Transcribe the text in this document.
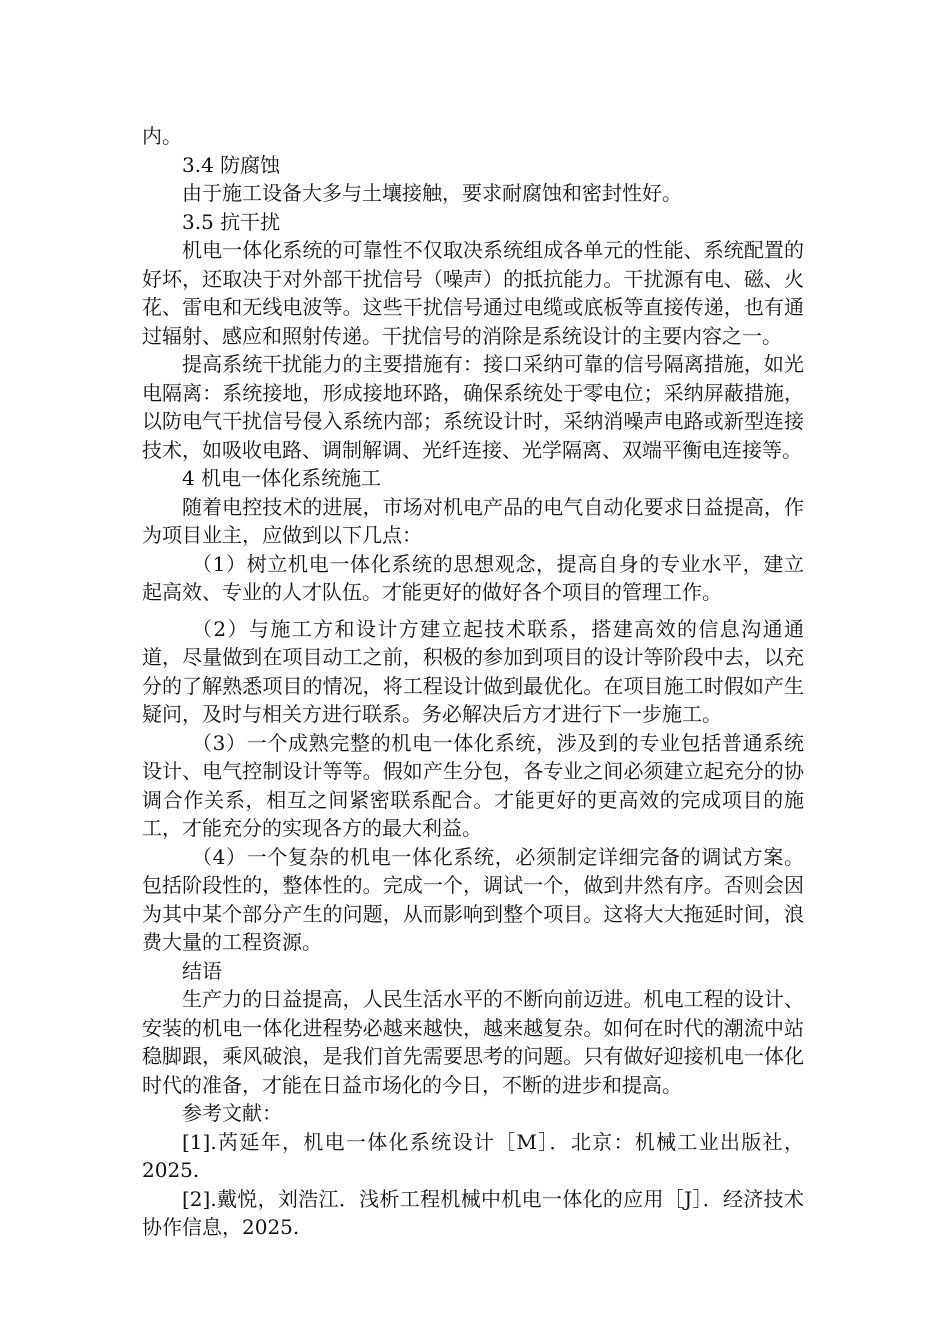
内。

3.4 防腐蚀

由于施工设备大多与土壤接触，要求耐腐蚀和密封性好。

3.5 抗干扰

机电一体化系统的可靠性不仅取决系统组成各单元的性能、系统配置的好坏，还取决于对外部干扰信号（噪声）的抵抗能力。干扰源有电、磁、火花、雷电和无线电波等。这些干扰信号通过电缆或底板等直接传递，也有通过辐射、感应和照射传递。干扰信号的消除是系统设计的主要内容之一。

提高系统干扰能力的主要措施有：接口采纳可靠的信号隔离措施，如光电隔离：系统接地，形成接地环路，确保系统处于零电位；采纳屏蔽措施，以防电气干扰信号侵入系统内部；系统设计时，采纳消噪声电路或新型连接技术，如吸收电路、调制解调、光纤连接、光学隔离、双端平衡电连接等。

4 机电一体化系统施工

随着电控技术的进展，市场对机电产品的电气自动化要求日益提高，作为项目业主，应做到以下几点：

（1）树立机电一体化系统的思想观念，提高自身的专业水平，建立起高效、专业的人才队伍。才能更好的做好各个项目的管理工作。

（2）与施工方和设计方建立起技术联系，搭建高效的信息沟通通道，尽量做到在项目动工之前，积极的参加到项目的设计等阶段中去，以充分的了解熟悉项目的情况，将工程设计做到最优化。在项目施工时假如产生疑问，及时与相关方进行联系。务必解决后方才进行下一步施工。

（3）一个成熟完整的机电一体化系统，涉及到的专业包括普通系统设计、电气控制设计等等。假如产生分包，各专业之间必须建立起充分的协调合作关系，相互之间紧密联系配合。才能更好的更高效的完成项目的施工，才能充分的实现各方的最大利益。

（4）一个复杂的机电一体化系统，必须制定详细完备的调试方案。包括阶段性的，整体性的。完成一个，调试一个，做到井然有序。否则会因为其中某个部分产生的问题，从而影响到整个项目。这将大大拖延时间，浪费大量的工程资源。

结语

生产力的日益提高，人民生活水平的不断向前迈进。机电工程的设计、安装的机电一体化进程势必越来越快，越来越复杂。如何在时代的潮流中站稳脚跟，乘风破浪，是我们首先需要思考的问题。只有做好迎接机电一体化时代的准备，才能在日益市场化的今日，不断的进步和提高。

参考文献：

[1].芮延年，机电一体化系统设计［M］．北京：机械工业出版社，2025.

[2].戴悦，刘浩江．浅析工程机械中机电一体化的应用［J］．经济技术协作信息，2025.
